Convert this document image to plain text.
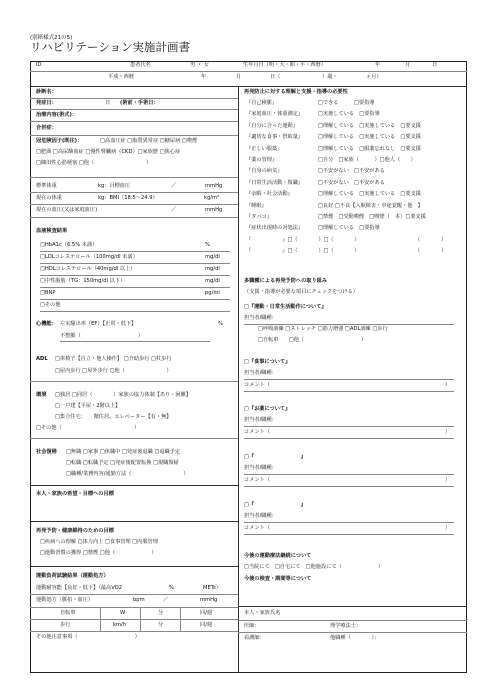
(別紙様式21の5)
リハビリテーション実施計画書
ID	患者氏名	男 ・ 女	生年月日（明・大・昭・平・西暦）	年	月	日
平成・西暦	年	月	日（	）歳・	ヶ月）
診断名：
発症日：	日 (術前・手術日：
治療内容(術式)：
合併症：
冠危険因子(既往)：	□高血圧症 □脂質異常症 □糖尿病 □喫煙
□肥満 □高尿酸血症 □慢性腎臓病（CKD）□家族歴 □狭心症
□陳旧性心筋梗塞 □他（　　　　　　　　　　）
標準体重	kg：目標血圧	／	mmHg
現在の体重	kg：BMI（18.5〜24.9）	kg/m²
現在の血圧(又は家庭血圧)	／	mmHg
血液検査結果
□HbA1c（6.5% 未満）	%
□LDLコレステロール（100mg/dl 未満）	mg/dl
□HDLコレステロール（40mg/dl 以上）	mg/dl
□中性脂肪（TG：150mg/dl 以下）	mg/dl
□BNP	pg/ml
□その他
心機能： 左室駆出率（EF）【正常・低下】	%
不整脈（　　　　　　　　　　　）
ADL □車椅子【自立・他人操作】 □介助歩行 □杖歩行
□屋内歩行 □屋外歩行 □他（　　　　　　　　）
環境 □独居 □同居（　　　　）家族の協力体制【あり・困難】
□一戸建【平屋・2階以上】
□集合住宅：　　階住居、エレベーター【有・無】
□その他（　　　　　　　　　　　　　　）
社会復帰 □無職 □家事 □休職中 □発症後退職 □退職予定
□転職 □転職予定 □発症後配置転換 □現職復帰
□職種/業務内容/通勤方法（　　　　　　　　　　）
本人・家族の希望・目標への目標
再発予防・健康維持のための目標
□疾病への理解 □体力向上 □食事管理 □内服管理
□運動習慣の獲得 □禁煙 □他（　　　　　　　）
運動負荷試験結果（運動処方）
運動耐容能【良好・低下】（最高VO2	%：	METs）
運動処方（脈拍・血圧）	bpm	／	mmHg
自転車	W	分	回/週
歩行	km/h	分	回/週
その他注意事項（　　　　　　　　　　　）
再発防止に対する理解と支援・指導の必要性
『自己検脈』	□できる　　　□要指導
『家庭血圧・体重測定』	□実施している　□要指導
『自分に合った運動』	□理解している　□実施している　□要支援
『適切な食事・摂取量』	□理解している　□実施している　□要支援
『正しい服薬』	□理解している　□服薬忘れなし　□要支援
『薬の管理』	□自分　□家族（　　　）□他人（　　）
『自身の病気』	□不安がない　□不安がある
『日常生活活動・復職』	□不安がない　□不安がある
『余暇・社会活動』	□理解している　□実施している　□要支援
『睡眠』	□良好 □不良【入眠障害・中途覚醒・他　】
『タバコ』	□禁煙　□受動喫煙　□喫煙（　本）□要支援
『症状出現時の対処法』	□理解している　□要指導
『　　　　　　』□（　　　　）□（　　　　）	（　　　　）
『　　　　　　』□（　　　　）□（　　　　）	（　　　　）
多職種による再発予防への取り組み
（支援・指導が必要な項目にチェックをつける）
□『運動・日常生活動作について』
担当者/職種：
□呼吸訓練 □ストレッチ □筋力増強 □ADL訓練 □歩行
□自転車　　□他（　　　　　　　　　　　）
□『食事について』
担当者/職種：
コメント（	）
□『お薬について』
担当者/職種：
コメント（	）
□『　　　　　　　　　』
担当者/職種：
コメント（	）
□『　　　　　　　　　』
担当者/職種：
コメント（	）
今後の運動療法継続について
□当院にて　□自宅にて　□他施設にて（　　　　　　　）
今後の検査・期間等について
本人・家族氏名
医師：	理学療法士：
看護師：	他職種（　　　　）：
